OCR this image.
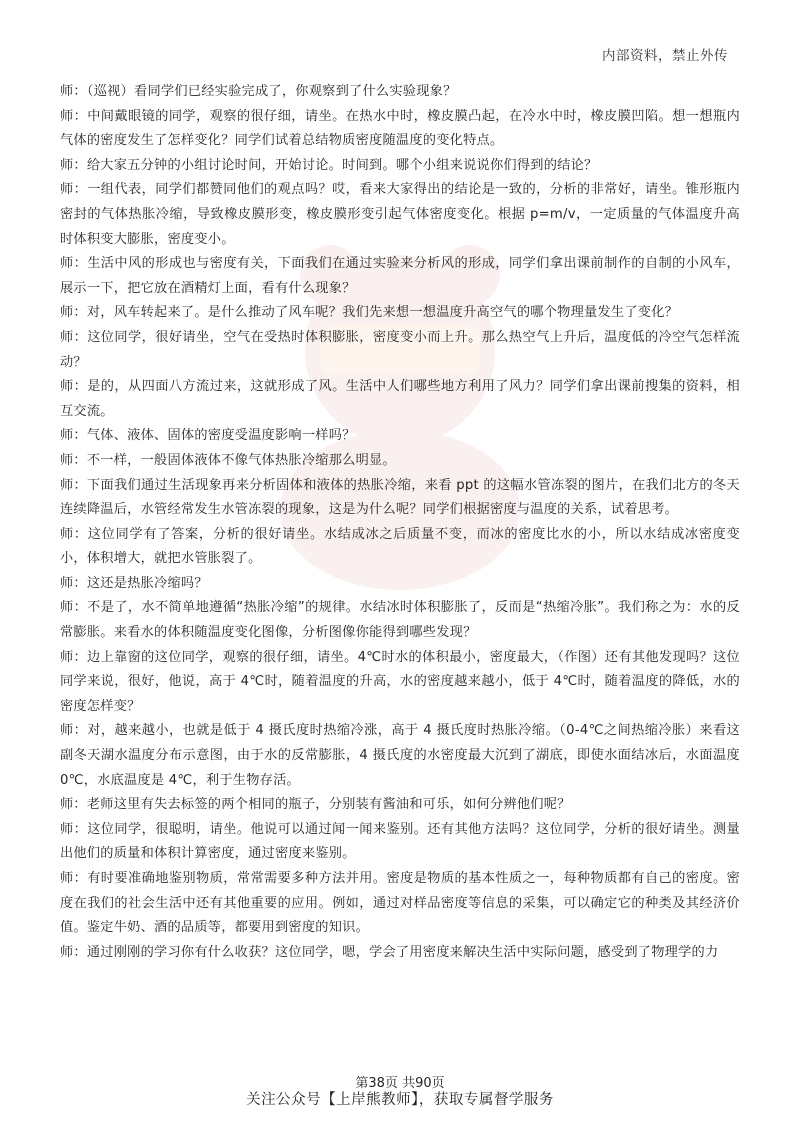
内部资料，禁止外传

师：（巡视）看同学们已经实验完成了，你观察到了什么实验现象？

师：中间戴眼镜的同学，观察的很仔细，请坐。在热水中时，橡皮膜凸起，在冷水中时，橡皮膜凹陷。想一想瓶内气体的密度发生了怎样变化？同学们试着总结物质密度随温度的变化特点。

师：给大家五分钟的小组讨论时间，开始讨论。时间到。哪个小组来说说你们得到的结论？

师：一组代表，同学们都赞同他们的观点吗？哎，看来大家得出的结论是一致的，分析的非常好，请坐。锥形瓶内密封的气体热胀冷缩，导致橡皮膜形变，橡皮膜形变引起气体密度变化。根据 p=m/v，一定质量的气体温度升高时体积变大膨胀，密度变小。

师：生活中风的形成也与密度有关，下面我们在通过实验来分析风的形成，同学们拿出课前制作的自制的小风车，展示一下，把它放在酒精灯上面，看有什么现象？

师：对，风车转起来了。是什么推动了风车呢？我们先来想一想温度升高空气的哪个物理量发生了变化？

师：这位同学，很好请坐，空气在受热时体积膨胀，密度变小而上升。那么热空气上升后，温度低的冷空气怎样流动？

师：是的，从四面八方流过来，这就形成了风。生活中人们哪些地方利用了风力？同学们拿出课前搜集的资料，相互交流。

师：气体、液体、固体的密度受温度影响一样吗？

师：不一样，一般固体液体不像气体热胀冷缩那么明显。

师：下面我们通过生活现象再来分析固体和液体的热胀冷缩，来看 ppt 的这幅水管冻裂的图片，在我们北方的冬天连续降温后，水管经常发生水管冻裂的现象，这是为什么呢？同学们根据密度与温度的关系，试着思考。

师：这位同学有了答案，分析的很好请坐。水结成冰之后质量不变，而冰的密度比水的小，所以水结成冰密度变小，体积增大，就把水管胀裂了。

师：这还是热胀冷缩吗？

师：不是了，水不简单地遵循“热胀冷缩”的规律。水结冰时体积膨胀了，反而是“热缩冷胀”。我们称之为：水的反常膨胀。来看水的体积随温度变化图像，分析图像你能得到哪些发现？

师：边上靠窗的这位同学，观察的很仔细，请坐。4℃时水的体积最小，密度最大，（作图）还有其他发现吗？这位同学来说，很好，他说，高于 4℃时，随着温度的升高，水的密度越来越小，低于 4℃时，随着温度的降低，水的密度怎样变？

师：对，越来越小，也就是低于 4 摄氏度时热缩冷涨，高于 4 摄氏度时热胀冷缩。（0-4℃之间热缩冷胀）来看这副冬天湖水温度分布示意图，由于水的反常膨胀，4 摄氏度的水密度最大沉到了湖底，即使水面结冰后，水面温度 0℃，水底温度是 4℃，利于生物存活。

师：老师这里有失去标签的两个相同的瓶子，分别装有酱油和可乐，如何分辨他们呢？

师：这位同学，很聪明，请坐。他说可以通过闻一闻来鉴别。还有其他方法吗？这位同学，分析的很好请坐。测量出他们的质量和体积计算密度，通过密度来鉴别。

师：有时要准确地鉴别物质，常常需要多种方法并用。密度是物质的基本性质之一，每种物质都有自己的密度。密度在我们的社会生活中还有其他重要的应用。例如，通过对样品密度等信息的采集，可以确定它的种类及其经济价值。鉴定牛奶、酒的品质等，都要用到密度的知识。

师：通过刚刚的学习你有什么收获？这位同学，嗯，学会了用密度来解决生活中实际问题，感受到了物理学的力

第38页 共90页
关注公众号【上岸熊教师】，获取专属督学服务
